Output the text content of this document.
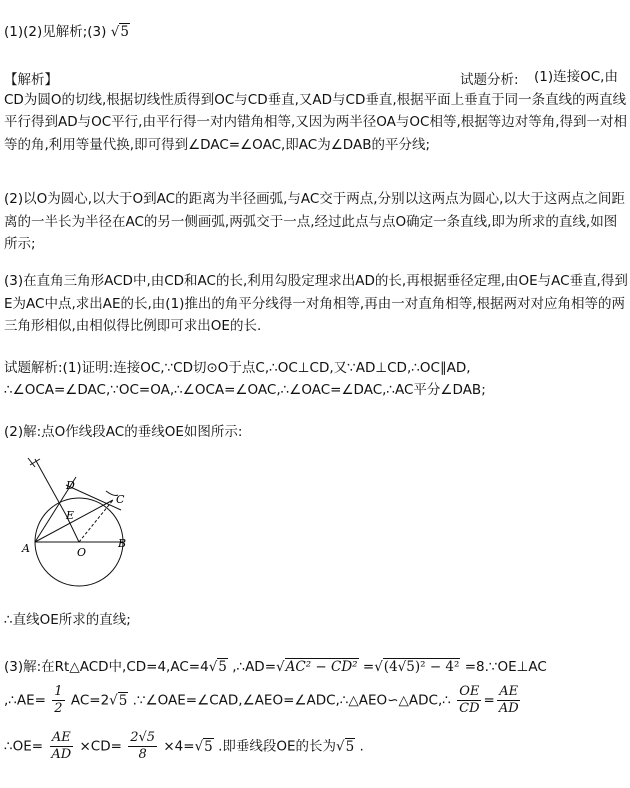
(1)(2)见解析;(3) √5
【解析】	试题分析:	(1)连接OC,由CD为圆O的切线,根据切线性质得到OC与CD垂直,又AD与CD垂直,根据平面上垂直于同一条直线的两直线平行得到AD与OC平行,由平行得一对内错角相等,又因为两半径OA与OC相等,根据等边对等角,得到一对相等的角,利用等量代换,即可得到∠DAC=∠OAC,即AC为∠DAB的平分线;
(2)以O为圆心,以大于O到AC的距离为半径画弧,与AC交于两点,分别以这两点为圆心,以大于这两点之间距离的一半长为半径在AC的另一侧画弧,两弧交于一点,经过此点与点O确定一条直线,即为所求的直线,如图所示;
(3)在直角三角形ACD中,由CD和AC的长,利用勾股定理求出AD的长,再根据垂径定理,由OE与AC垂直,得到E为AC中点,求出AE的长,由(1)推出的角平分线得一对角相等,再由一对直角相等,根据两对对应角相等的两三角形相似,由相似得比例即可求出OE的长.
试题解析:(1)证明:连接OC,∵CD切⊙O于点C,∴OC⊥CD,又∵AD⊥CD,∴OC∥AD,
∴∠OCA=∠DAC,∵OC=OA,∴∠OCA=∠OAC,∴∠OAC=∠DAC,∴AC平分∠DAB;
(2)解:点O作线段AC的垂线OE如图所示:
D
C
E
A	O
B
∴直线OE所求的直线;
(3)解:在Rt△ACD中,CD=4,AC=4√5 ,∴AD=√AC² − CD² =√(4√5)² − 4² =8.∵OE⊥AC
,∴AE= $\frac{1}{2} AC=2√5$ .∵∠OAE=∠CAD,∠AEO=∠ADC,∴△AEO∽△ADC,∴ $\frac{OE}{CD} = \frac{AE}{AD}$
∴OE= $\frac{AE}{AD} \times CD= \frac{2√5}{8} \times 4=√5$ .即垂线段OE的长为√5 .
